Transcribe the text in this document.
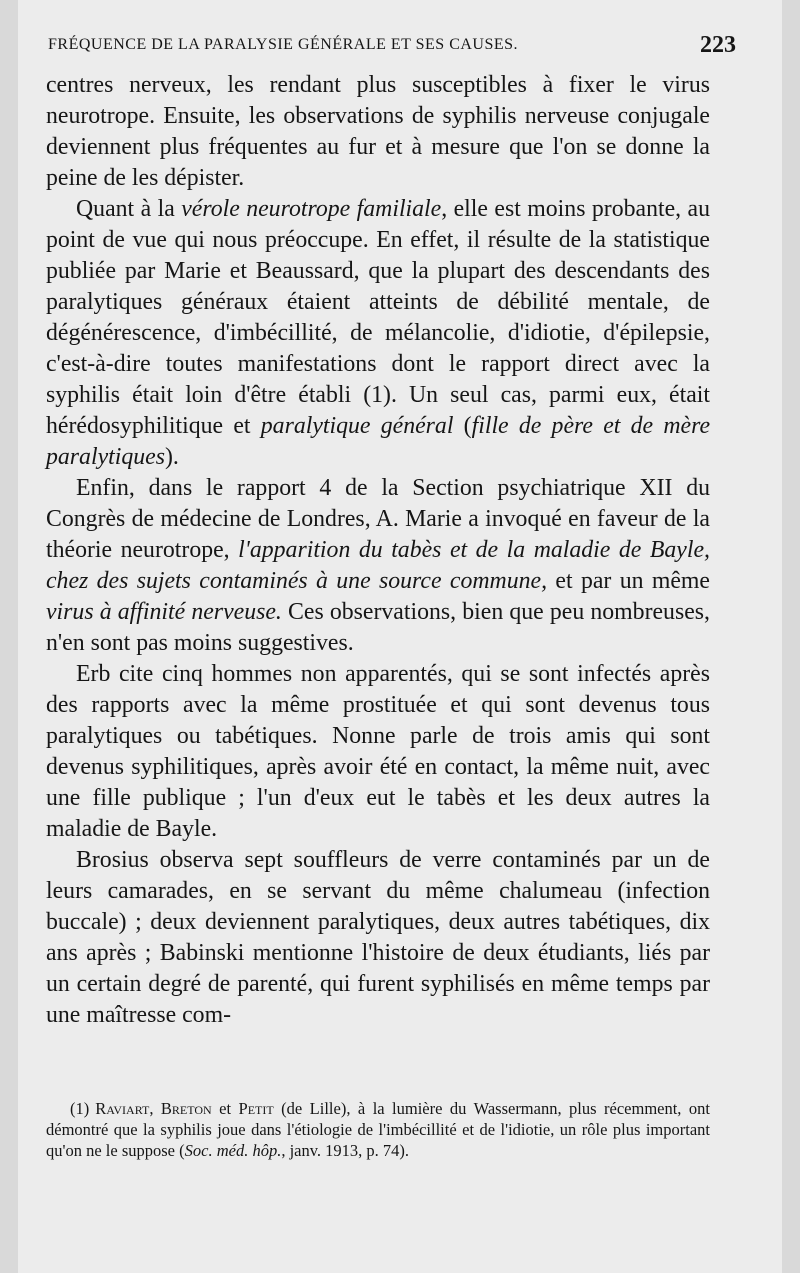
FRÉQUENCE DE LA PARALYSIE GÉNÉRALE ET SES CAUSES.	223

centres nerveux, les rendant plus susceptibles à fixer le virus neurotrope. Ensuite, les observations de syphilis nerveuse conjugale deviennent plus fréquentes au fur et à mesure que l'on se donne la peine de les dépister.

Quant à la vérole neurotrope familiale, elle est moins probante, au point de vue qui nous préoccupe. En effet, il résulte de la statistique publiée par Marie et Beaussard, que la plupart des descendants des paralytiques généraux étaient atteints de débilité mentale, de dégénérescence, d'imbécillité, de mélancolie, d'idiotie, d'épilepsie, c'est-à-dire toutes manifestations dont le rapport direct avec la syphilis était loin d'être établi (1). Un seul cas, parmi eux, était hérédosyphilitique et paralytique général (fille de père et de mère paralytiques).

Enfin, dans le rapport 4 de la Section psychiatrique XII du Congrès de médecine de Londres, A. Marie a invoqué en faveur de la théorie neurotrope, l'apparition du tabès et de la maladie de Bayle, chez des sujets contaminés à une source commune, et par un même virus à affinité nerveuse. Ces observations, bien que peu nombreuses, n'en sont pas moins suggestives.

Erb cite cinq hommes non apparentés, qui se sont infectés après des rapports avec la même prostituée et qui sont devenus tous paralytiques ou tabétiques. Nonne parle de trois amis qui sont devenus syphilitiques, après avoir été en contact, la même nuit, avec une fille publique ; l'un d'eux eut le tabès et les deux autres la maladie de Bayle.

Brosius observa sept souffleurs de verre contaminés par un de leurs camarades, en se servant du même chalumeau (infection buccale) ; deux deviennent paralytiques, deux autres tabétiques, dix ans après ; Babinski mentionne l'histoire de deux étudiants, liés par un certain degré de parenté, qui furent syphilisés en même temps par une maîtresse com-

(1) Raviart, Breton et Petit (de Lille), à la lumière du Wassermann, plus récemment, ont démontré que la syphilis joue dans l'étiologie de l'imbécillité et de l'idiotie, un rôle plus important qu'on ne le suppose (Soc. méd. hôp., janv. 1913, p. 74).
